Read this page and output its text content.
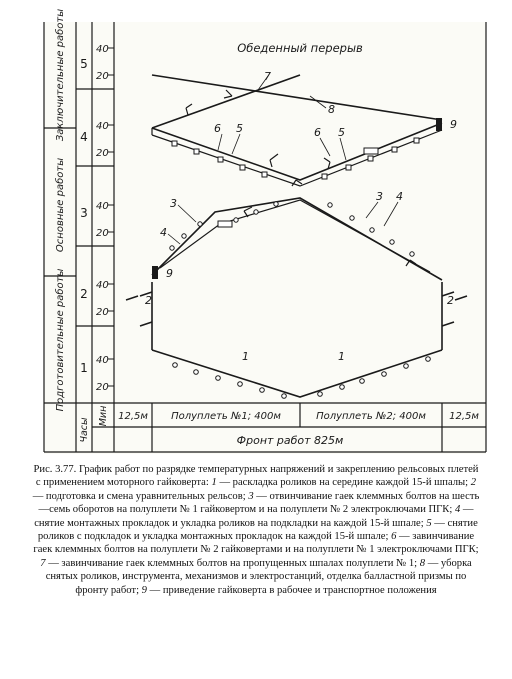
Заключительные работы
Основные работы
Подготовительные работы
5
4
3
2
1
40
20
40
20
40
20
40
20
40
20
Часы
Мин 12,5м Полуплеть №1; 400м	Полуплеть №2; 400м 12,5м
Фронт работ 825м
Обеденный перерыв
1
2
3
4
5
6
7
8
9
1
2
3 4
5
6
9
Рис. 3.77. График работ по разрядке температурных напряжений и закреплению рельсовых плетей с применением моторного гайковерта: 1 — раскладка роликов на середине каждой 15-й шпалы; 2 — подготовка и смена уравнительных рельсов; 3 — отвинчивание гаек клеммных болтов на шесть—семь оборотов на полуплети № 1 гайковертом и на полуплети № 2 электроключами ПГК; 4 — снятие монтажных прокладок и укладка роликов на подкладки на каждой 15-й шпале; 5 — снятие роликов с подкладок и укладка монтажных прокладок на каждой 15-й шпале; 6 — завинчивание гаек клеммных болтов на полуплети № 2 гайковертами и на полуплети № 1 электроключами ПГК; 7 — завинчивание гаек клеммных болтов на пропущенных шпалах полуплети № 1; 8 — уборка снятых роликов, инструмента, механизмов и электростанций, отделка балластной призмы по фронту работ; 9 — приведение гайковерта в рабочее и транспортное положения
